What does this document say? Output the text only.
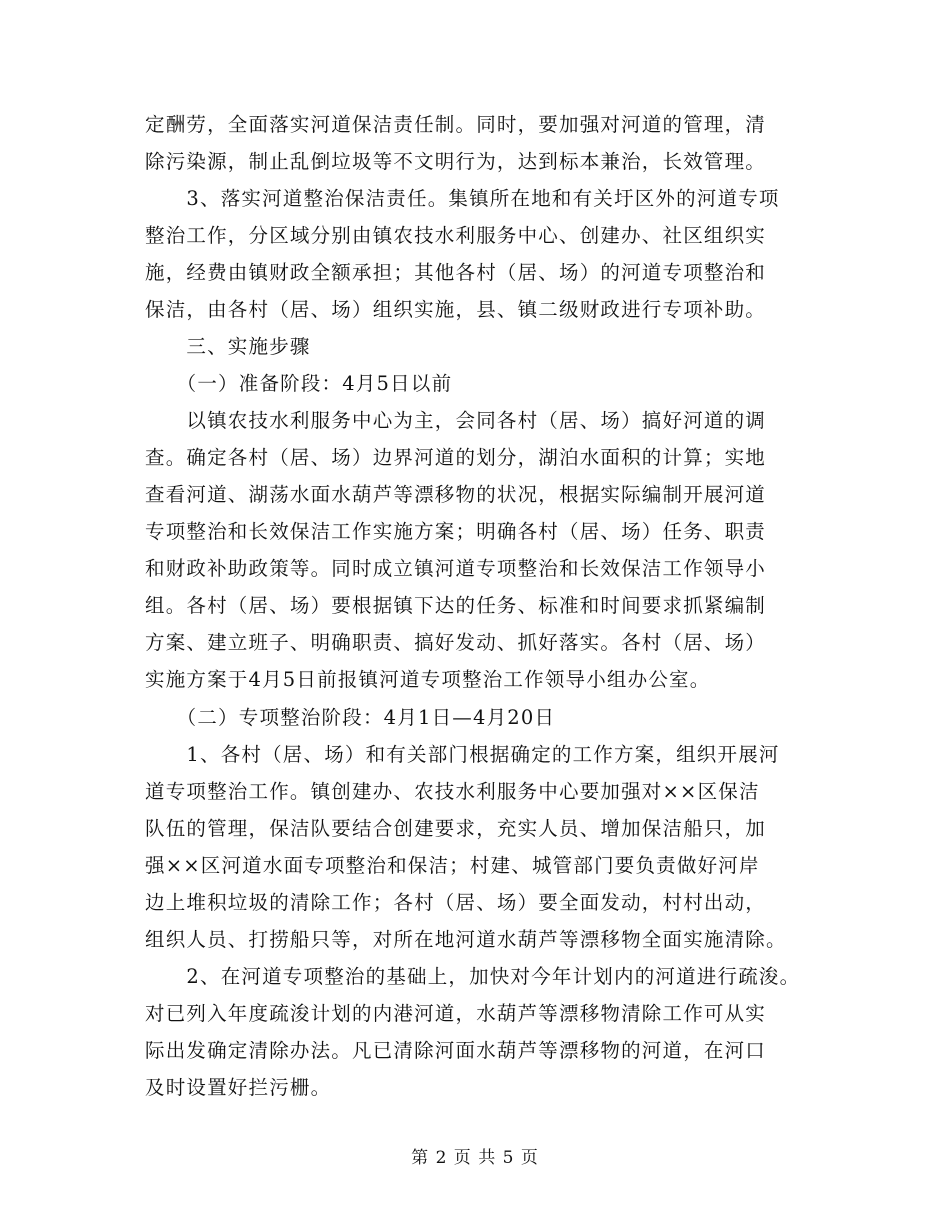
定酬劳，全面落实河道保洁责任制。同时，要加强对河道的管理，清
除污染源，制止乱倒垃圾等不文明行为，达到标本兼治，长效管理。
　　3、落实河道整治保洁责任。集镇所在地和有关圩区外的河道专项
整治工作，分区域分别由镇农技水利服务中心、创建办、社区组织实
施，经费由镇财政全额承担；其他各村（居、场）的河道专项整治和
保洁，由各村（居、场）组织实施，县、镇二级财政进行专项补助。
　　三、实施步骤
　　（一）准备阶段：4月5日以前
　　以镇农技水利服务中心为主，会同各村（居、场）搞好河道的调
查。确定各村（居、场）边界河道的划分，湖泊水面积的计算；实地
查看河道、湖荡水面水葫芦等漂移物的状况，根据实际编制开展河道
专项整治和长效保洁工作实施方案；明确各村（居、场）任务、职责
和财政补助政策等。同时成立镇河道专项整治和长效保洁工作领导小
组。各村（居、场）要根据镇下达的任务、标准和时间要求抓紧编制
方案、建立班子、明确职责、搞好发动、抓好落实。各村（居、场）
实施方案于4月5日前报镇河道专项整治工作领导小组办公室。
　　（二）专项整治阶段：4月1日—4月20日
　　1、各村（居、场）和有关部门根据确定的工作方案，组织开展河
道专项整治工作。镇创建办、农技水利服务中心要加强对××区保洁
队伍的管理，保洁队要结合创建要求，充实人员、增加保洁船只，加
强××区河道水面专项整治和保洁；村建、城管部门要负责做好河岸
边上堆积垃圾的清除工作；各村（居、场）要全面发动，村村出动，
组织人员、打捞船只等，对所在地河道水葫芦等漂移物全面实施清除。
　　2、在河道专项整治的基础上，加快对今年计划内的河道进行疏浚。
对已列入年度疏浚计划的内港河道，水葫芦等漂移物清除工作可从实
际出发确定清除办法。凡已清除河面水葫芦等漂移物的河道，在河口
及时设置好拦污栅。
第 2 页 共 5 页
